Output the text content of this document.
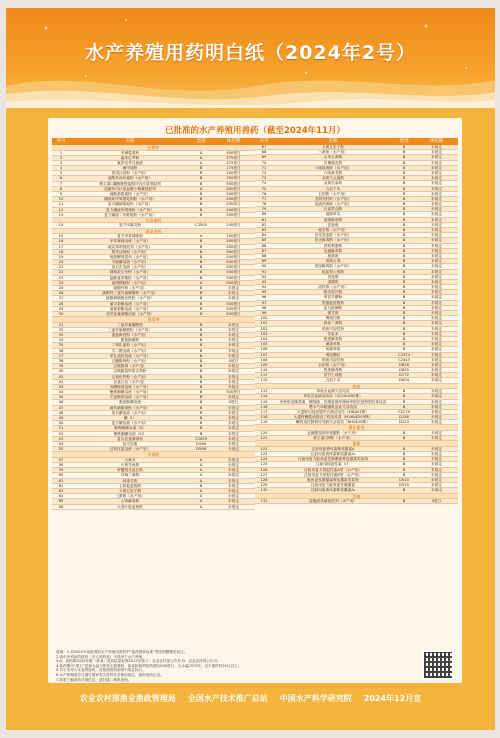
水产养殖用药明白纸（2024年2号）
已批准的水产养殖用兽药（截至2024年11月）
序号	名称	类别	休药期
抗菌药
1	甲砜霉素粉	A	500度日
2	氟苯尼考粉	A	375度日
3	氟苯尼考注射液	A	375度日
4	氟甲喹粉	B	175度日
5	恩诺沙星粉（水产用）	B	500度日
6	盐酸多西环素粉（水产用）	B	750度日
7	维生素C磷酸酯镁盐酸环丙沙星预混剂	B	500度日
8	盐酸环丙沙星盐酸小檗碱预混剂	A	500度日
9	硫酸新霉素粉（水产用）	B	500度日
10	磺胺间甲氧嘧啶钠粉（水产用）	B	500度日
11	复方磺胺嘧啶粉（水产用）	B	500度日
12	复方磺胺甲噁唑粉（水产用）	B	500度日
13	复方磺胺二甲嘧啶粉（水产用）	B	500度日
抗真菌药
14	复方甲霜灵粉	C2505	240度日
驱杀虫药
15	复方甲苯咪唑粉	A	150度日
16	甲苯咪唑溶液（水产用）	B	500度日
17	地克珠利预混剂（水产用）	B	500度日
18	阿苯达唑粉（水产用）	B	500度日
19	吡喹酮预混剂（水产用）	B	500度日
20	辛硫磷溶液（水产用）	B	500度日
21	敌百虫溶液（水产用）	B	500度日
22	精制敌百虫粉（水产用）	B	500度日
23	盐酸氯苯胍粉（水产用）	B	500度日
24	氯硝柳胺粉（水产用）	A	500度日
25	硫酸锌粉（水产用）	B	未规定
26	硫酸锌三氯异氰脲酸粉（水产用）	B	未规定
27	硫酸铜硫酸亚铁粉（水产用）	B	未规定
28	氰戊菊酯溶液（水产用）	B	500度日
29	溴氰菊酯溶液（水产用）	B	500度日
30	高效氯氰菊酯溶液（水产用）	B	500度日
消毒剂
31	三氯异氰脲酸粉	B	未规定
32	三氯异氰脲酸粉（水产用）	B	未规定
33	溴氯海因粉（水产用）	B	未规定
34	蛋氨酸碘粉	B	未规定
35	二氧化氯粉（水产用）	B	未规定
36	戊二醛溶液（水产用）	B	未规定
37	苯扎溴铵溶液（水产用）	B	未规定
38	过硼酸钠粉（水产用）	B	0度日
39	过碳酸钠（水产用）	B	未规定
40	过硫酸氢钾复合物粉	B	未规定
41	过氧化钙粉（水产用）	B	未规定
42	含氯石灰（水产用）	B	未规定
43	高碘酸钠溶液（水产用）	B	未规定
44	聚维酮碘溶液（水产用）	B	500度日
45	次氯酸钠溶液（水产用）	B	未规定
46	蛋氨酸碘溶液	B	0度日
47	硫代硫酸钠粉（水产用）	B	未规定
48	复合碘溶液（水产用）	B	未规定
49	碘（I）	B	未规定
50	复方碘溶液（水产用）	B	未规定
51	聚维酮碘溶液（II）	B	未规定
52	聚维酮碘溶液（III）	B	未规定
53	复合亚氯酸钠粉	C2059	未规定
54	复方溶液	D596	未规定
55	过氧化氢溶液（水产用）	D596	未规定
中成药
57	大黄末	A	未规定
58	大黄芩鱼散	A	未规定
59	虾蟹脱壳促长散	A	未规定
60	穿梅三黄散	A	未规定
61	蚌毒灵散	A	未规定
62	七味板蓝根散	B	未规定
63	大黄五倍子散	A	未规定
64	三黄散（水产用）	A	未规定
65	大黄解毒散	A	未规定
66	大青叶板蓝根散	A	未规定
序号	名称	类别	休药期
67	大黄五倍子散	B	未规定
68	三黄散（水产用）	B	未规定
69	山青五黄散	B	未规定
70	川楝陈皮散	B	未规定
71	六味地黄散（水产用）	B	未规定
72	六味黄龙散	B	未规定
73	双黄白头翁散	B	未规定
74	双黄苦参散	B	未规定
75	五倍子末	B	未规定
76	石知散（水产用）	B	未规定
77	龙胆泻肝散（水产用）	B	未规定
78	加减消黄散（水产用）	B	未规定
79	百部贯众散	B	未规定
80	地锦草末	B	未规定
81	地锦鹤草散	B	未规定
82	芪参散	B	未规定
83	驱虫散（水产用）	B	未规定
84	苍术香连散（水产用）	B	未规定
85	扶正解毒散（水产用）	B	未规定
86	肝胆利康散	B	未规定
87	连翘解毒散	B	未规定
88	板黄散	B	未规定
89	虎黄合剂	B	未规定
90	黄连解毒散（水产用）	B	未规定
91	板蓝根大黄散	B	未规定
92	青莲散	B	未规定
93	清健散	B	未规定
94	清热散（水产用）	B	未规定
95	脱壳促长散	B	未规定
96	黄芪多糖粉	B	未规定
97	银翘板蓝根散	B	未规定
98	雷丸槟榔散	B	未规定
99	蒲甘散	B	未规定
100	博落回散	B	未规定
101	绿参三黄散	B	未规定
102	银黄可溶性粉	B	未规定
103	苦参末	B	未规定
104	根莲解毒散	B	未规定
105	溪黄草散	B	未规定
106	鱼腥草散	B	未规定
107	博连颗粒	C2374	未规定
108	银黄可溶性粉	C2443	未规定
109	百部散（水产用）	D658	未规定
110	根莲解毒散	D655	未规定
111	苗甘七味散	D772	未规定
112	五倍子末	D804	未规定
疫苗
113	草鱼出血病灭活疫苗	B	未规定
114	草鱼出血病活疫苗（GCHV-892株）	B	未规定
115	牙鲆鱼溶藻弧菌、鳗弧菌、迟缓爱德华菌病多联抗独特型抗体疫苗	B	未规定
116	嗜水气单胞菌败血症灭活疫苗	B	未规定
117	大菱鲆迟钝爱德华氏菌活疫苗（EIBAV1株）	C2270	未规定
118	大菱鲆鳗弧菌基因工程活疫苗（MVAV6203株）	D158	未规定
119	鳜传染性脾肾坏死病灭活疫苗（NH0618株）	D253	未规定
维生素类
120	亚硫酸氢钠甲萘醌粉（水产用）	B	未规定
121	维生素C钠粉（水产用）	B	未规定
激素
122	注射用促黄体素释放激素A	B	未规定
123	注射用促黄体素释放激素A₃	B	未规定
124	注射用复方鲑鱼促性腺激素释放激素类似物	B	未规定
125	注射用绒促性素（I）	B	未规定
126	注射用复方绒促性素A型（水产用）	B	未规定
127	注射用复方绒促性素B型（水产用）	B	未规定
128	鲑鱼促性腺激素释放激素类似物	D520	未规定
129	注射用复方鲑鱼促性腺激素	D520	未规定
130	注射用促黄体素释放激素A₂	B	未规定
其他
131	盐酸甜菜碱预混剂（水产用）	B	0度日
说明：1.对2022年前批准的水产养殖用兽药中“兽药国家标准”等类别整理后标注。
2.表中未列出的兽药（含人用药品）不得用于水产养殖。
3.A：兽药典2020年版一部 B：兽药质量标准2017年版 C：农业农村部公告号 D：农业农村部公告号。
4.休药期中“度日”是指水温与停药天数乘积，如某种兽药休药期为500度日，当水温25℃时，至少需停药20日以上。
5.对于未列入本表的兽药，应按照兽药说明书规定执行。
6.水产养殖者应当遵守国家有关兽药安全使用规定，做好用药记录。
7.如需了解兽药详细信息，请扫描二维码查询。
农业农村部渔业渔政管理局 全国水产技术推广总站 中国水产科学研究院 2024年12月宣
